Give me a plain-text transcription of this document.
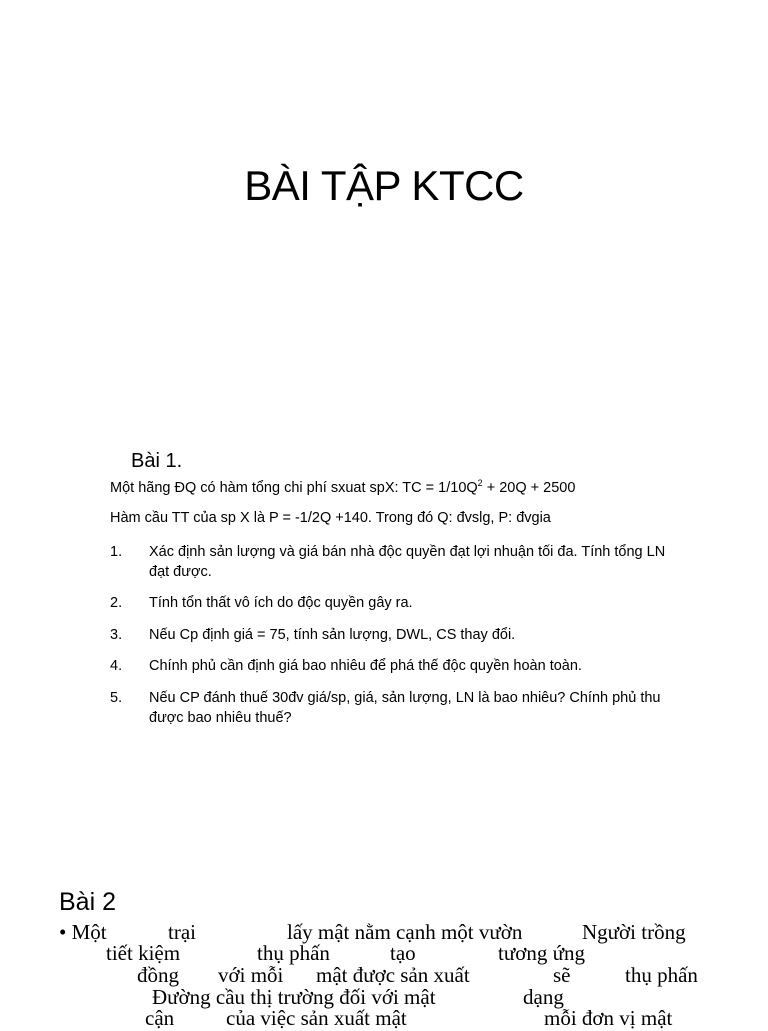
BÀI TẬP KTCC
Bài 1.
Một hãng ĐQ có hàm tổng chi phí sxuat spX: TC = $1/10Q^2 + 20Q + 2500$
Hàm cầu TT của sp X là P = -1/2Q +140. Trong đó Q: đvslg, P: đvgia
1. Xác định sản lượng và giá bán nhà độc quyền đạt lợi nhuận tối đa. Tính tổng LN đạt được.
2. Tính tổn thất vô ích do độc quyền gây ra.
3. Nếu Cp định giá = 75, tính sản lượng, DWL, CS thay đổi.
4. Chính phủ cần định giá bao nhiêu để phá thế độc quyền hoàn toàn.
5. Nếu CP đánh thuế 30đv giá/sp, giá, sản lượng, LN là bao nhiêu? Chính phủ thu được bao nhiêu thuế?
Bài 2
• Một	trại	lấy mật nằm cạnh một vườn	Người trồng
tiết kiệm	thụ phấn	tạo	tương ứng
đồng với mỗi mật được sản xuất	sẽ	thụ phấn
Đường cầu thị trường đối với mật	dạng
cận của việc sản xuất mật	mỗi đơn vị mật
